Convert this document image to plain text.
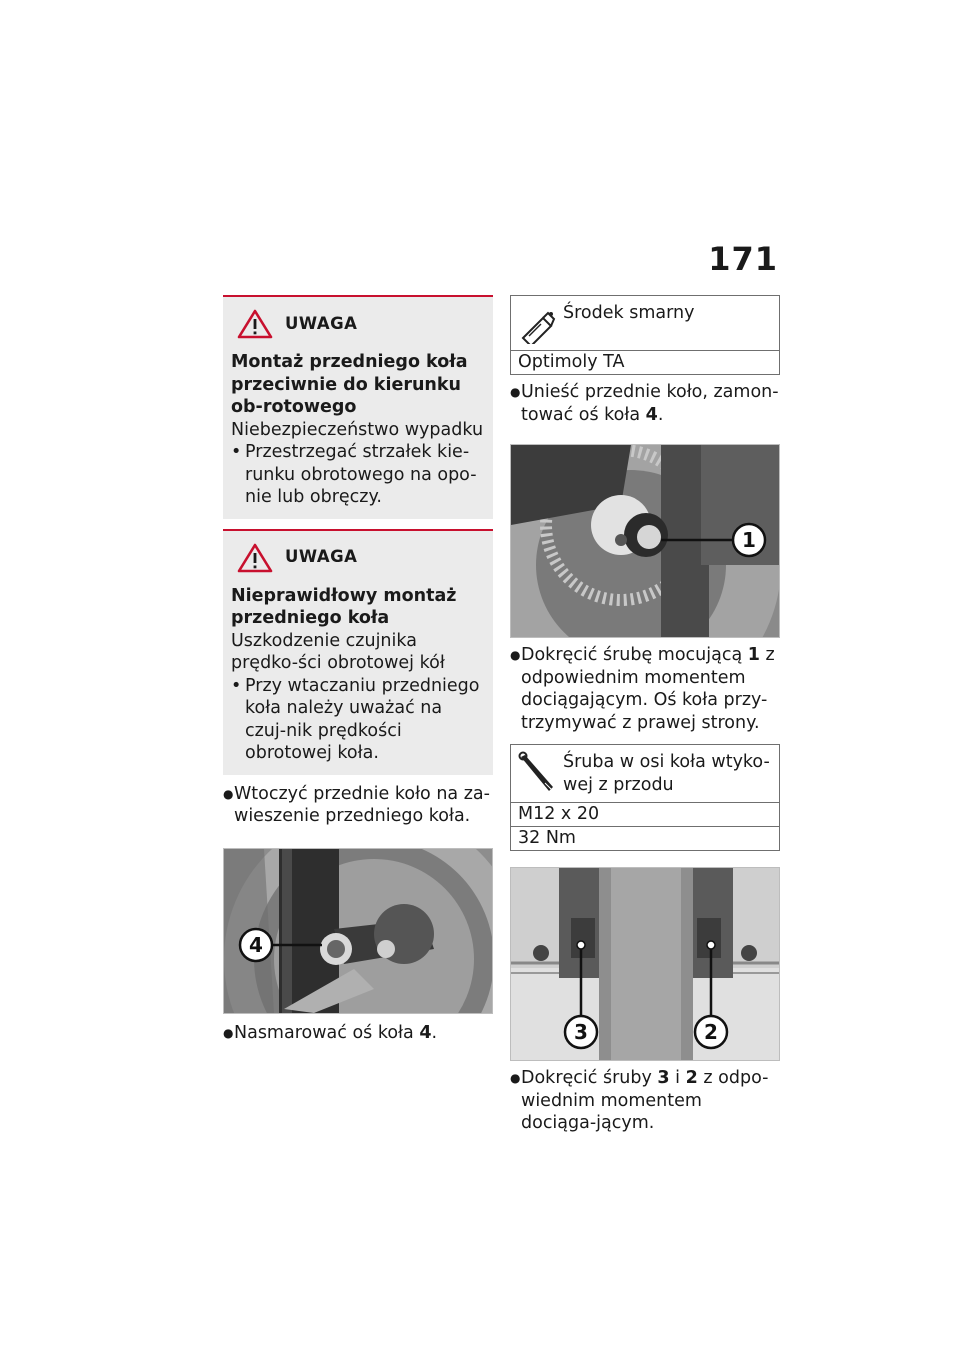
171
UWAGA
Montaż przedniego koła przeciwnie do kierunku ob-rotowego
Niebezpieczeństwo wypadku
• Przestrzegać strzałek kie-runku obrotowego na opo-nie lub obręczy.
UWAGA
Nieprawidłowy montaż przedniego koła
Uszkodzenie czujnika prędko-ści obrotowej kół
• Przy wtaczaniu przedniego koła należy uważać na czuj-nik prędkości obrotowej koła.
● Wtoczyć przednie koło na za-wieszenie przedniego koła.
4
● Nasmarować oś koła 4.
Środek smarny
Optimoly TA
● Unieść przednie koło, zamon-tować oś koła 4.
1
● Dokręcić śrubę mocującą 1 z odpowiednim momentem dociągającym. Oś koła przy-trzymywać z prawej strony.
Śruba w osi koła wtyko-wej z przodu
M12 x 20
32 Nm
3	2
● Dokręcić śruby 3 i 2 z odpo-wiednim momentem dociąga-jącym.
